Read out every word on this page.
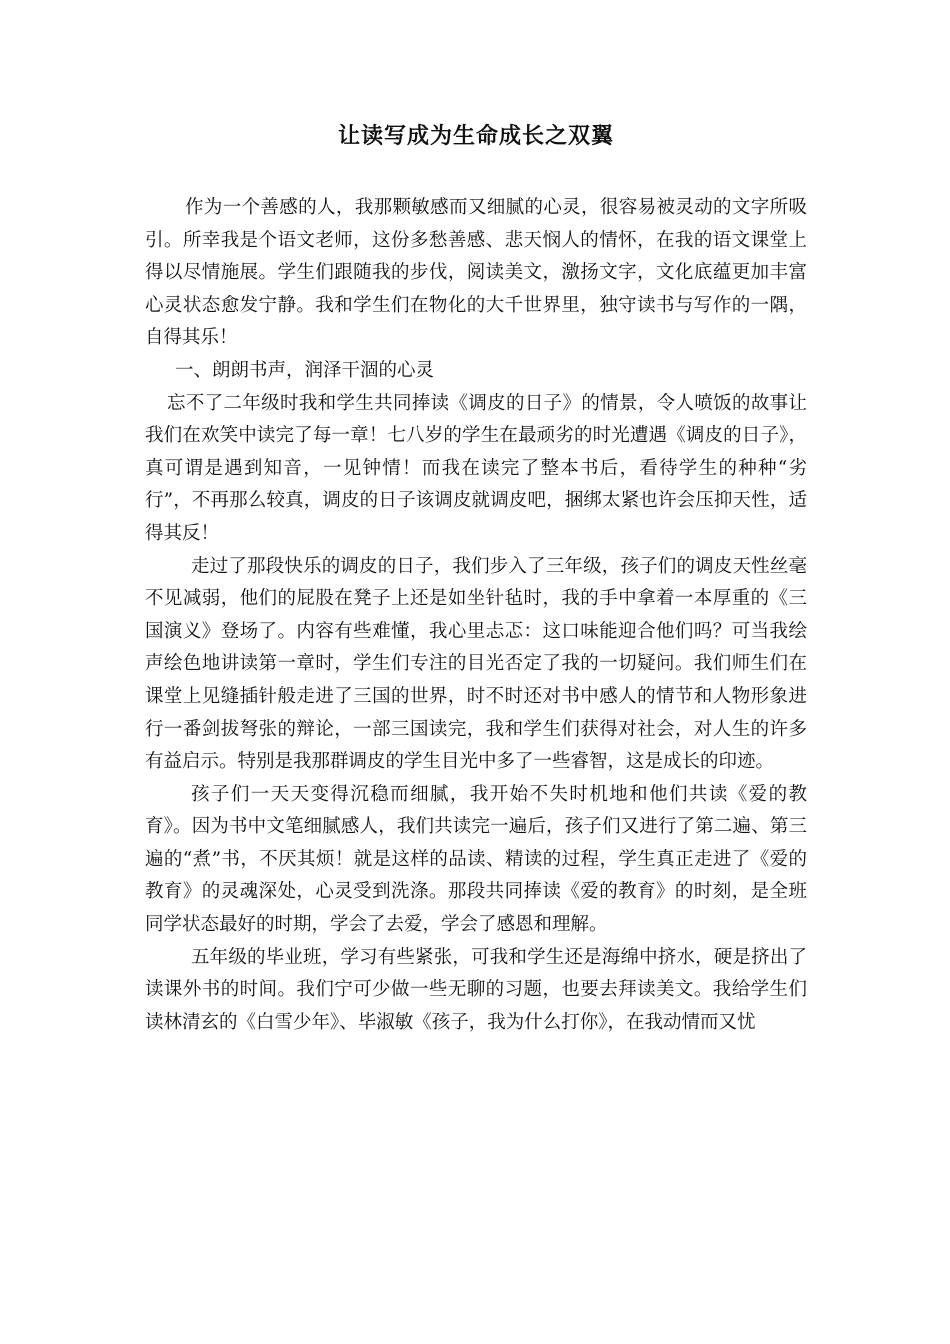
让读写成为生命成长之双翼

作为一个善感的人，我那颗敏感而又细腻的心灵，很容易被灵动的文字所吸引。所幸我是个语文老师，这份多愁善感、悲天悯人的情怀，在我的语文课堂上得以尽情施展。学生们跟随我的步伐，阅读美文，激扬文字，文化底蕴更加丰富心灵状态愈发宁静。我和学生们在物化的大千世界里，独守读书与写作的一隅，自得其乐！

一、朗朗书声，润泽干涸的心灵

忘不了二年级时我和学生共同捧读《调皮的日子》的情景，令人喷饭的故事让我们在欢笑中读完了每一章！七八岁的学生在最顽劣的时光遭遇《调皮的日子》，真可谓是遇到知音，一见钟情！而我在读完了整本书后，看待学生的种种“劣行”，不再那么较真，调皮的日子该调皮就调皮吧，捆绑太紧也许会压抑天性，适得其反！

走过了那段快乐的调皮的日子，我们步入了三年级，孩子们的调皮天性丝毫不见减弱，他们的屁股在凳子上还是如坐针毡时，我的手中拿着一本厚重的《三国演义》登场了。内容有些难懂，我心里忐忑：这口味能迎合他们吗？可当我绘声绘色地讲读第一章时，学生们专注的目光否定了我的一切疑问。我们师生们在课堂上见缝插针般走进了三国的世界，时不时还对书中感人的情节和人物形象进行一番剑拔弩张的辩论，一部三国读完，我和学生们获得对社会，对人生的许多有益启示。特别是我那群调皮的学生目光中多了一些睿智，这是成长的印迹。

孩子们一天天变得沉稳而细腻，我开始不失时机地和他们共读《爱的教育》。因为书中文笔细腻感人，我们共读完一遍后，孩子们又进行了第二遍、第三遍的“煮”书，不厌其烦！就是这样的品读、精读的过程，学生真正走进了《爱的教育》的灵魂深处，心灵受到洗涤。那段共同捧读《爱的教育》的时刻，是全班同学状态最好的时期，学会了去爱，学会了感恩和理解。

五年级的毕业班，学习有些紧张，可我和学生还是海绵中挤水，硬是挤出了读课外书的时间。我们宁可少做一些无聊的习题，也要去拜读美文。我给学生们读林清玄的《白雪少年》、毕淑敏《孩子，我为什么打你》，在我动情而又忧
